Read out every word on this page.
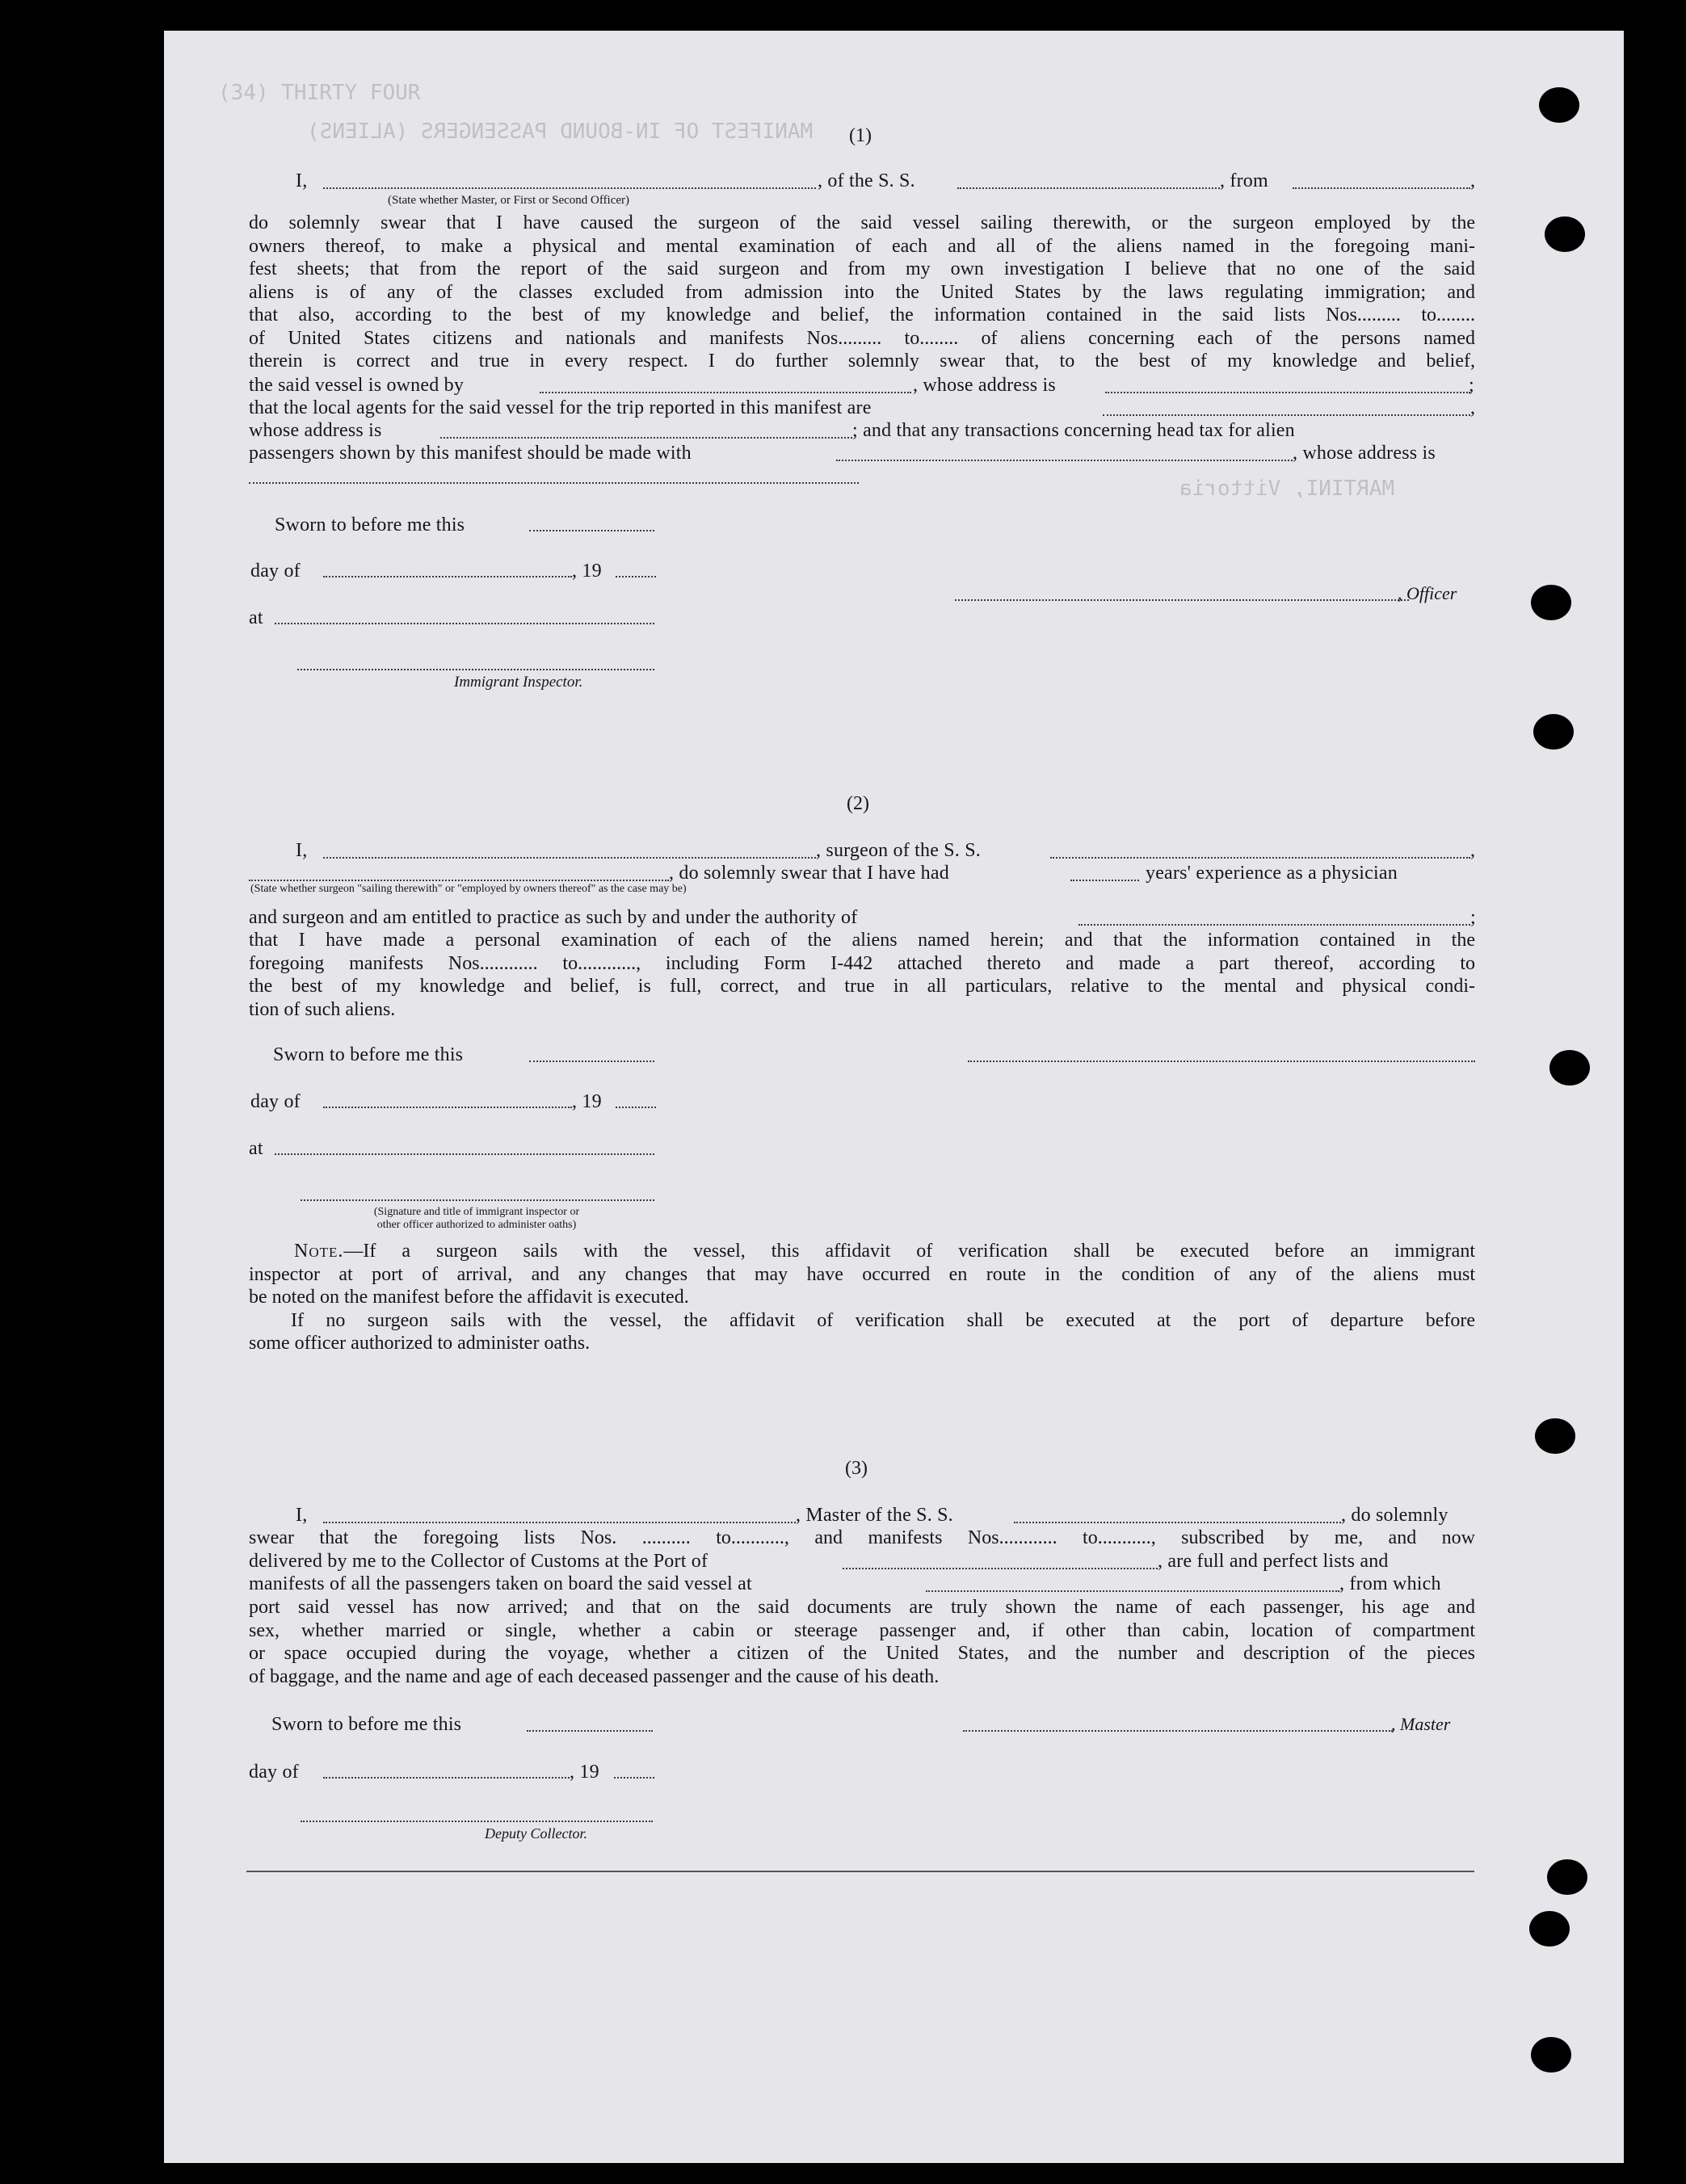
(34) THIRTY FOUR
MANIFEST OF IN-BOUND PASSENGERS (ALIENS)
MARTINI, Vittoria
(1)
I,	, of the S. S.	, from	,
(State whether Master, or First or Second Officer)

do solemnly swear that I have caused the surgeon of the said vessel sailing therewith, or the surgeon employed by the

owners thereof, to make a physical and mental examination of each and all of the aliens named in the foregoing mani-

fest sheets; that from the report of the said surgeon and from my own investigation I believe that no one of the said

aliens is of any of the classes excluded from admission into the United States by the laws regulating immigration; and

that also, according to the best of my knowledge and belief, the information contained in the said lists Nos......... to........

of United States citizens and nationals and manifests Nos......... to........ of aliens concerning each of the persons named

therein is correct and true in every respect. I do further solemnly swear that, to the best of my knowledge and belief,

the said vessel is owned by	, whose address is	;
that the local agents for the said vessel for the trip reported in this manifest are	,
whose address is	; and that any transactions concerning head tax for alien
passengers shown by this manifest should be made with	, whose address is
Sworn to before me this
day of	, 19
at
Immigrant Inspector.
, Officer
(2)
I,	, surgeon of the S. S.	,
, do solemnly swear that I have had	years' experience as a physician
(State whether surgeon "sailing therewith" or "employed by owners thereof" as the case may be)
and surgeon and am entitled to practice as such by and under the authority of	;

that I have made a personal examination of each of the aliens named herein; and that the information contained in the

foregoing manifests Nos............ to............, including Form I-442 attached thereto and made a part thereof, according to

the best of my knowledge and belief, is full, correct, and true in all particulars, relative to the mental and physical condi-

tion of such aliens.

Sworn to before me this
day of	, 19
at
(Signature and title of immigrant inspector or
other officer authorized to administer oaths)

Note.—If a surgeon sails with the vessel, this affidavit of verification shall be executed before an immigrant

inspector at port of arrival, and any changes that may have occurred en route in the condition of any of the aliens must

be noted on the manifest before the affidavit is executed.

If no surgeon sails with the vessel, the affidavit of verification shall be executed at the port of departure before

some officer authorized to administer oaths.

(3)
I,	, Master of the S. S.	, do solemnly

swear that the foregoing lists Nos. .......... to..........., and manifests Nos............ to..........., subscribed by me, and now

delivered by me to the Collector of Customs at the Port of	, are full and perfect lists and
manifests of all the passengers taken on board the said vessel at	, from which

port said vessel has now arrived; and that on the said documents are truly shown the name of each passenger, his age and

sex, whether married or single, whether a cabin or steerage passenger and, if other than cabin, location of compartment

or space occupied during the voyage, whether a citizen of the United States, and the number and description of the pieces

of baggage, and the name and age of each deceased passenger and the cause of his death.

Sworn to before me this	, Master
day of	, 19
Deputy Collector.
